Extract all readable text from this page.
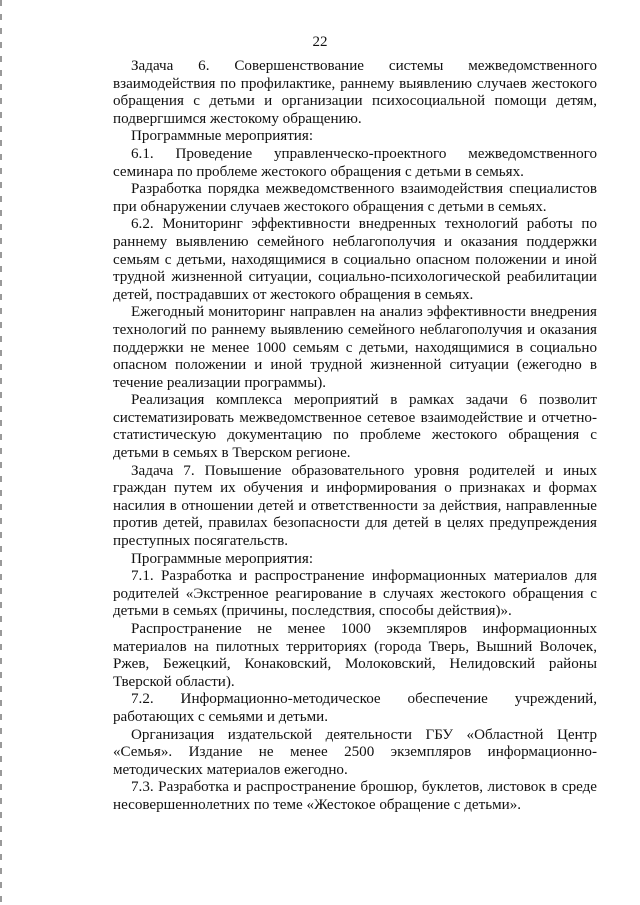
22

Задача 6. Совершенствование системы межведомственного взаимодействия по профилактике, раннему выявлению случаев жестокого обращения с детьми и организации психосоциальной помощи детям, подвергшимся жестокому обращению.

Программные мероприятия:

6.1. Проведение управленческо-проектного межведомственного семинара по проблеме жестокого обращения с детьми в семьях.

Разработка порядка межведомственного взаимодействия специалистов при обнаружении случаев жестокого обращения с детьми в семьях.

6.2. Мониторинг эффективности внедренных технологий работы по раннему выявлению семейного неблагополучия и оказания поддержки семьям с детьми, находящимися в социально опасном положении и иной трудной жизненной ситуации, социально-психологической реабилитации детей, пострадавших от жестокого обращения в семьях.

Ежегодный мониторинг направлен на анализ эффективности внедрения технологий по раннему выявлению семейного неблагополучия и оказания поддержки не менее 1000 семьям с детьми, находящимися в социально опасном положении и иной трудной жизненной ситуации (ежегодно в течение реализации программы).

Реализация комплекса мероприятий в рамках задачи 6 позволит систематизировать межведомственное сетевое взаимодействие и отчетно-статистическую документацию по проблеме жестокого обращения с детьми в семьях в Тверском регионе.

Задача 7. Повышение образовательного уровня родителей и иных граждан путем их обучения и информирования о признаках и формах насилия в отношении детей и ответственности за действия, направленные против детей, правилах безопасности для детей в целях предупреждения преступных посягательств.

Программные мероприятия:

7.1. Разработка и распространение информационных материалов для родителей «Экстренное реагирование в случаях жестокого обращения с детьми в семьях (причины, последствия, способы действия)».

Распространение не менее 1000 экземпляров информационных материалов на пилотных территориях (города Тверь, Вышний Волочек, Ржев, Бежецкий, Конаковский, Молоковский, Нелидовский районы Тверской области).

7.2. Информационно-методическое обеспечение учреждений, работающих с семьями и детьми.

Организация издательской деятельности ГБУ «Областной Центр «Семья». Издание не менее 2500 экземпляров информационно-методических материалов ежегодно.

7.3. Разработка и распространение брошюр, буклетов, листовок в среде несовершеннолетних по теме «Жестокое обращение с детьми».
